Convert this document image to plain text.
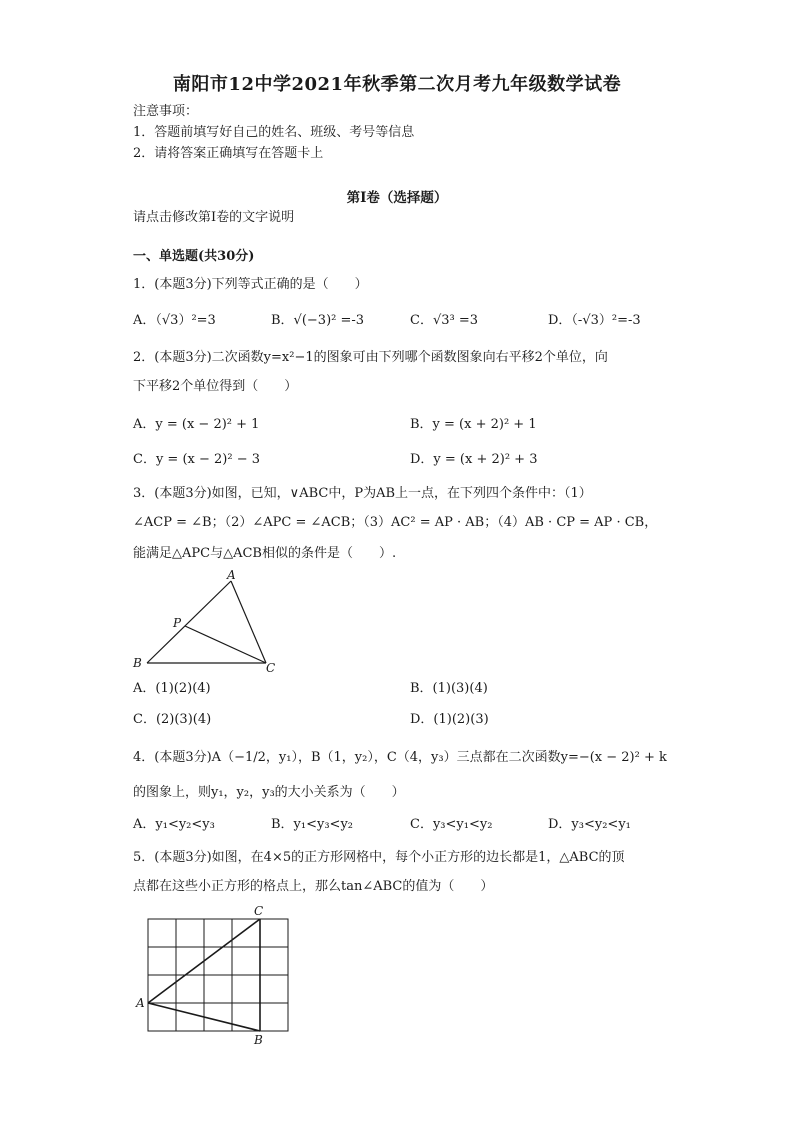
南阳市12中学2021年秋季第二次月考九年级数学试卷
注意事项：
1．答题前填写好自己的姓名、班级、考号等信息
2．请将答案正确填写在答题卡上
第I卷（选择题）
请点击修改第I卷的文字说明
一、单选题(共30分)
1．(本题3分)下列等式正确的是（　　）
A．（√3）²=3	B．√(−3)² =-3	C．√3³ =3	D．（-√3）²=-3
2．(本题3分)二次函数y=x²−1的图象可由下列哪个函数图象向右平移2个单位，向
下平移2个单位得到（　　）
A．y = (x − 2)² + 1	B．y = (x + 2)² + 1
C．y = (x − 2)² − 3	D．y = (x + 2)² + 3
3．(本题3分)如图，已知，∨ABC中，P为AB上一点，在下列四个条件中：（1）
∠ACP = ∠B；（2）∠APC = ∠ACB；（3）AC² = AP · AB；（4）AB · CP = AP · CB，
能满足△APC与△ACB相似的条件是（　　）.
A
P
B	C
A．(1)(2)(4)	B．(1)(3)(4)
C．(2)(3)(4)	D．(1)(2)(3)
4．(本题3分)A（−1/2，y₁），B（1，y₂），C（4，y₃）三点都在二次函数y=−(x − 2)² + k
的图象上，则y₁，y₂，y₃的大小关系为（　　）
A．y₁<y₂<y₃	B．y₁<y₃<y₂	C．y₃<y₁<y₂	D．y₃<y₂<y₁
5．(本题3分)如图，在4×5的正方形网格中，每个小正方形的边长都是1，△ABC的顶
点都在这些小正方形的格点上，那么tan∠ABC的值为（　　）
C
A
B
